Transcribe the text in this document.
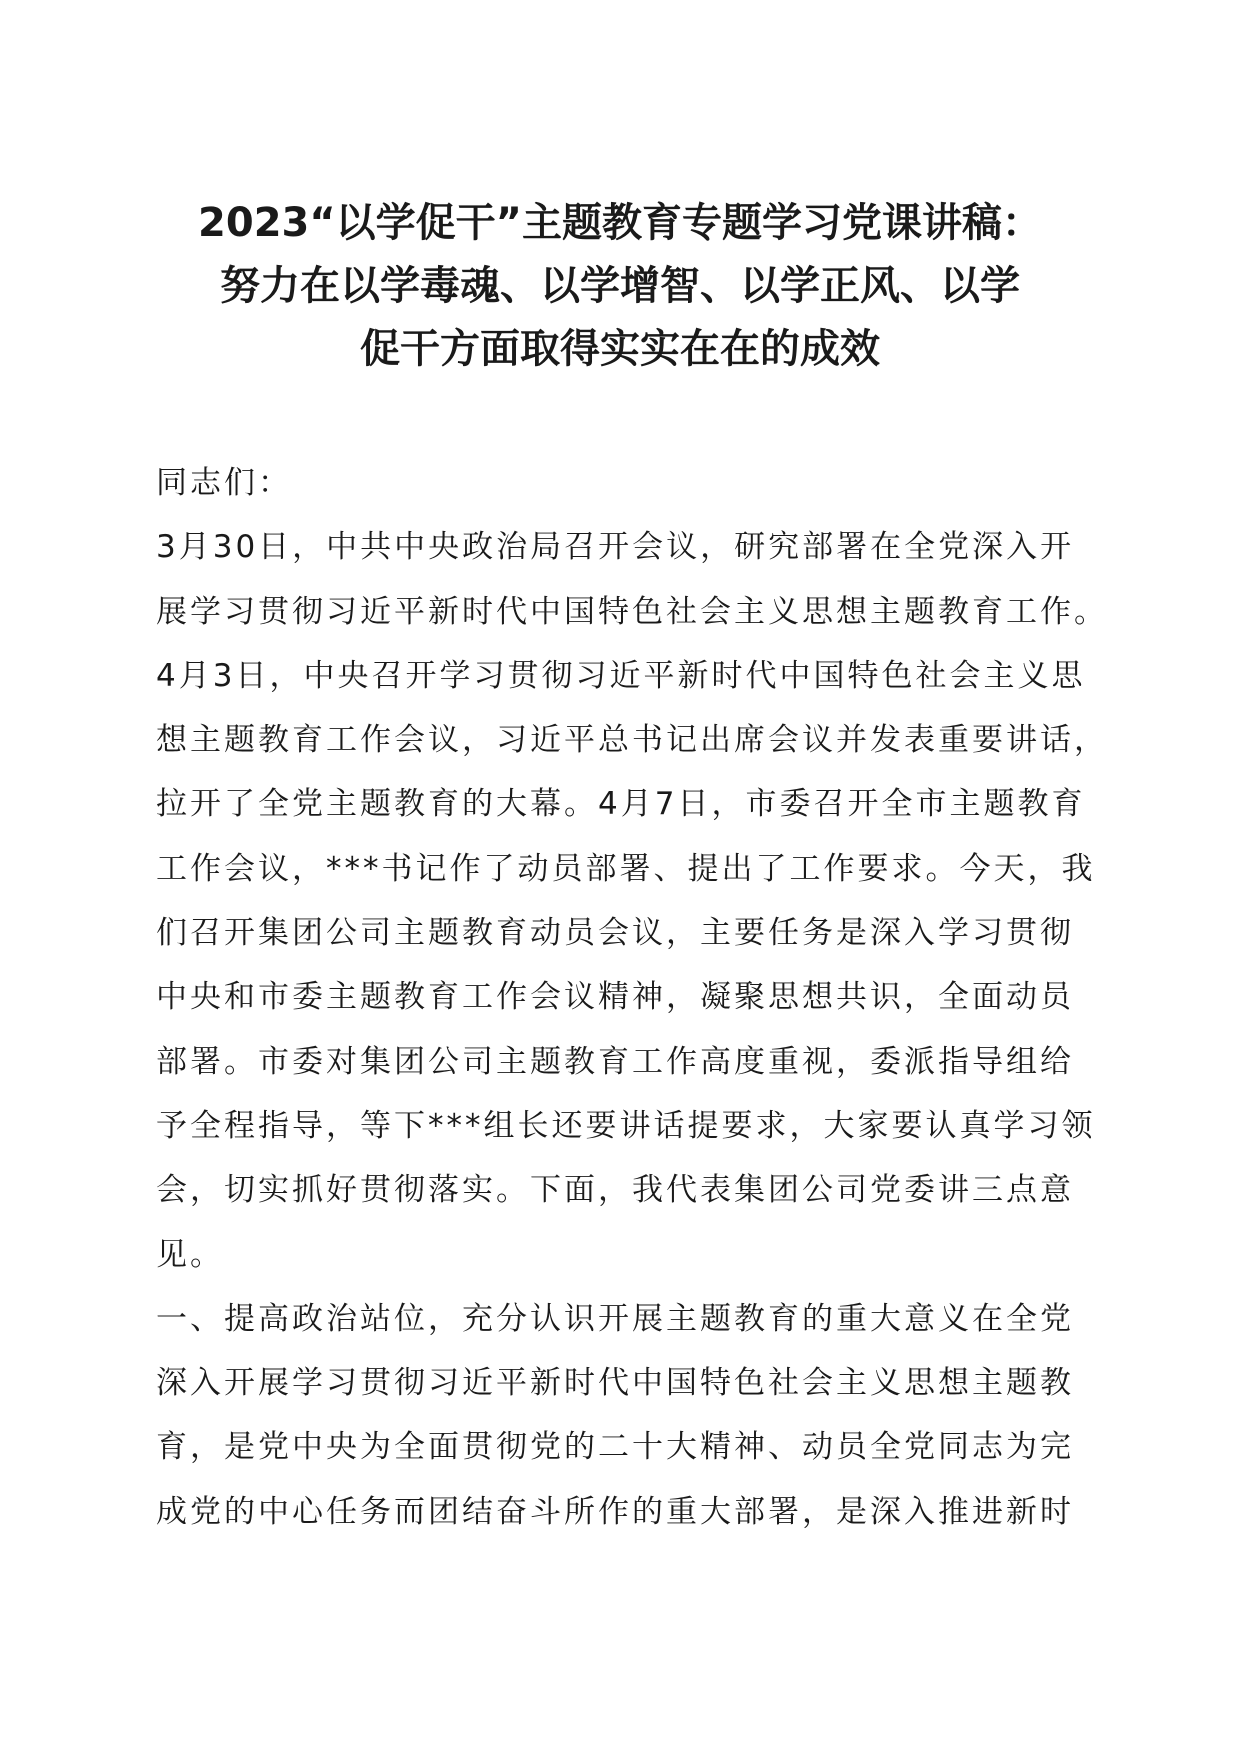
2023“以学促干”主题教育专题学习党课讲稿：
努力在以学毒魂、以学增智、以学正风、以学
促干方面取得实实在在的成效
同志们：
3月30日，中共中央政治局召开会议，研究部署在全党深入开
展学习贯彻习近平新时代中国特色社会主义思想主题教育工作。
4月3日，中央召开学习贯彻习近平新时代中国特色社会主义思
想主题教育工作会议，习近平总书记出席会议并发表重要讲话，
拉开了全党主题教育的大幕。4月7日，市委召开全市主题教育
工作会议，***书记作了动员部署、提出了工作要求。今天，我
们召开集团公司主题教育动员会议，主要任务是深入学习贯彻
中央和市委主题教育工作会议精神，凝聚思想共识，全面动员
部署。市委对集团公司主题教育工作高度重视，委派指导组给
予全程指导，等下***组长还要讲话提要求，大家要认真学习领
会，切实抓好贯彻落实。下面，我代表集团公司党委讲三点意
见。
一、提高政治站位，充分认识开展主题教育的重大意义在全党
深入开展学习贯彻习近平新时代中国特色社会主义思想主题教
育，是党中央为全面贯彻党的二十大精神、动员全党同志为完
成党的中心任务而团结奋斗所作的重大部署，是深入推进新时
